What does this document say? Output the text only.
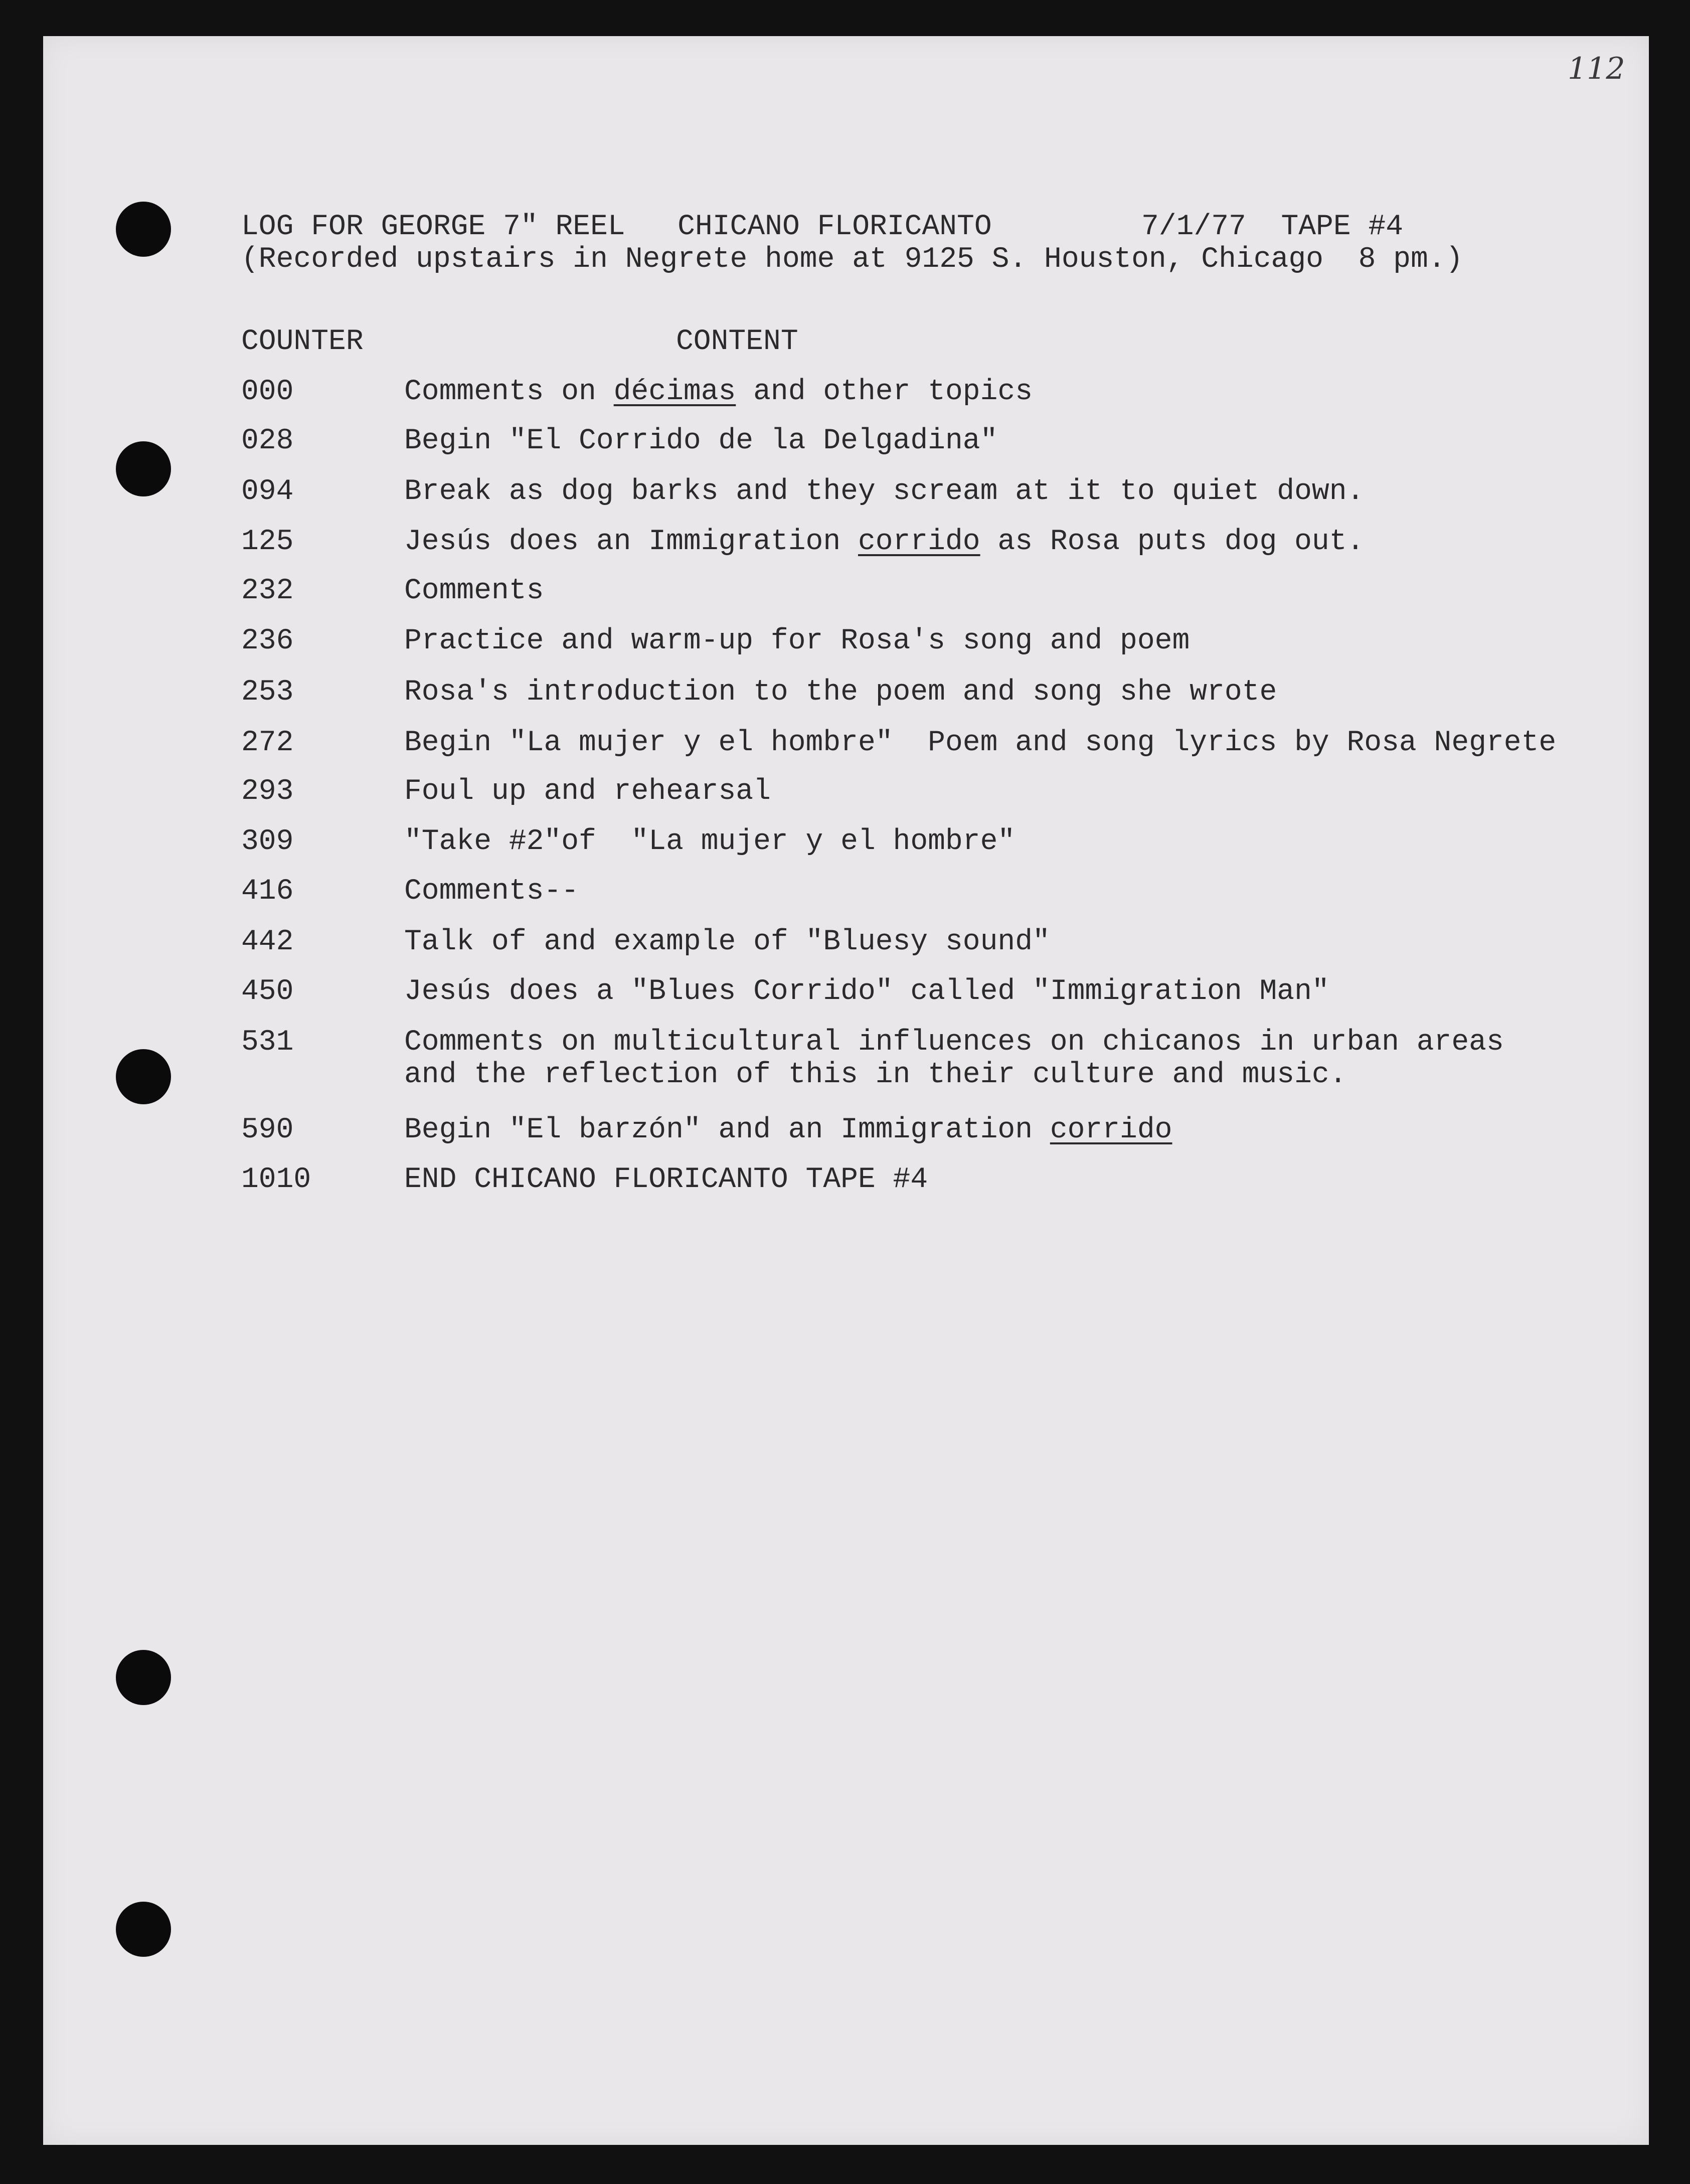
112
LOG FOR GEORGE 7" REEL   CHICANO FLORICANTO	7/1/77  TAPE #4
(Recorded upstairs in Negrete home at 9125 S. Houston, Chicago  8 pm.)
COUNTER	CONTENT
000	Comments on décimas and other topics
028	Begin "El Corrido de la Delgadina"
094	Break as dog barks and they scream at it to quiet down.
125	Jesús does an Immigration corrido as Rosa puts dog out.
232	Comments
236	Practice and warm-up for Rosa's song and poem
253	Rosa's introduction to the poem and song she wrote
272	Begin "La mujer y el hombre"  Poem and song lyrics by Rosa Negrete
293	Foul up and rehearsal
309	"Take #2"of  "La mujer y el hombre"
416	Comments--
442	Talk of and example of "Bluesy sound"
450	Jesús does a "Blues Corrido" called "Immigration Man"
531	Comments on multicultural influences on chicanos in urban areas
and the reflection of this in their culture and music.
590	Begin "El barzón" and an Immigration corrido
1010	END CHICANO FLORICANTO TAPE #4
